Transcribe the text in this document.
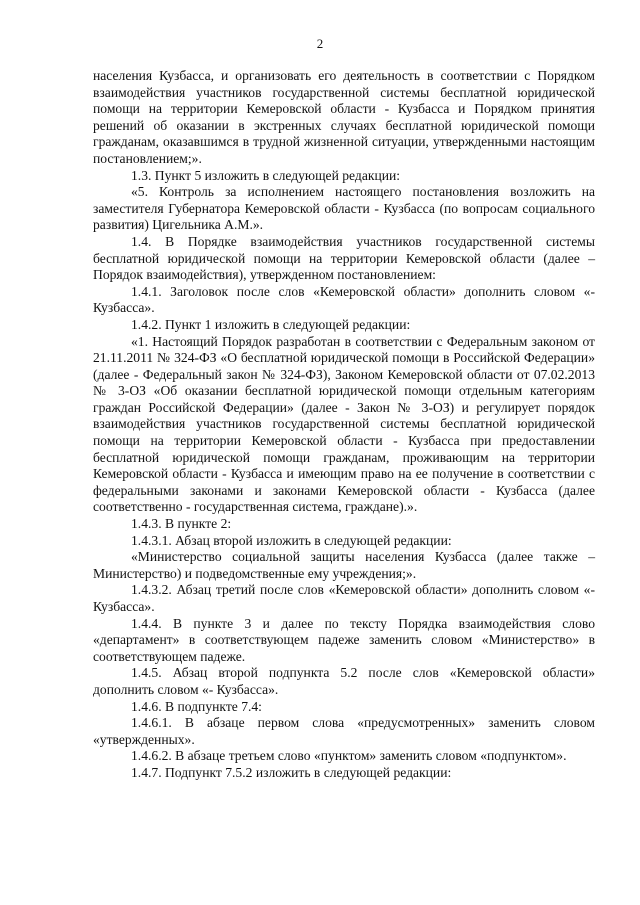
2

населения Кузбасса, и организовать его деятельность в соответствии с Порядком взаимодействия участников государственной системы бесплатной юридической помощи на территории Кемеровской области - Кузбасса и Порядком принятия решений об оказании в экстренных случаях бесплатной юридической помощи гражданам, оказавшимся в трудной жизненной ситуации, утвержденными настоящим постановлением;».

1.3. Пункт 5 изложить в следующей редакции:

«5. Контроль за исполнением настоящего постановления возложить на заместителя Губернатора Кемеровской области - Кузбасса (по вопросам социального развития) Цигельника А.М.».

1.4. В Порядке взаимодействия участников государственной системы бесплатной юридической помощи на территории Кемеровской области (далее – Порядок взаимодействия), утвержденном постановлением:

1.4.1. Заголовок после слов «Кемеровской области» дополнить словом «- Кузбасса».

1.4.2. Пункт 1 изложить в следующей редакции:

«1. Настоящий Порядок разработан в соответствии с Федеральным законом от 21.11.2011 № 324-ФЗ «О бесплатной юридической помощи в Российской Федерации» (далее - Федеральный закон № 324-ФЗ), Законом Кемеровской области от 07.02.2013 № 3-ОЗ «Об оказании бесплатной юридической помощи отдельным категориям граждан Российской Федерации» (далее - Закон № 3-ОЗ) и регулирует порядок взаимодействия участников государственной системы бесплатной юридической помощи на территории Кемеровской области - Кузбасса при предоставлении бесплатной юридической помощи гражданам, проживающим на территории Кемеровской области - Кузбасса и имеющим право на ее получение в соответствии с федеральными законами и законами Кемеровской области - Кузбасса (далее соответственно - государственная система, граждане).».

1.4.3. В пункте 2:

1.4.3.1. Абзац второй изложить в следующей редакции:

«Министерство социальной защиты населения Кузбасса (далее также – Министерство) и подведомственные ему учреждения;».

1.4.3.2. Абзац третий после слов «Кемеровской области» дополнить словом «- Кузбасса».

1.4.4. В пункте 3 и далее по тексту Порядка взаимодействия слово «департамент» в соответствующем падеже заменить словом «Министерство» в соответствующем падеже.

1.4.5. Абзац второй подпункта 5.2 после слов «Кемеровской области» дополнить словом «- Кузбасса».

1.4.6. В подпункте 7.4:

1.4.6.1. В абзаце первом слова «предусмотренных» заменить словом «утвержденных».

1.4.6.2. В абзаце третьем слово «пунктом» заменить словом «подпунктом».

1.4.7. Подпункт 7.5.2 изложить в следующей редакции:
